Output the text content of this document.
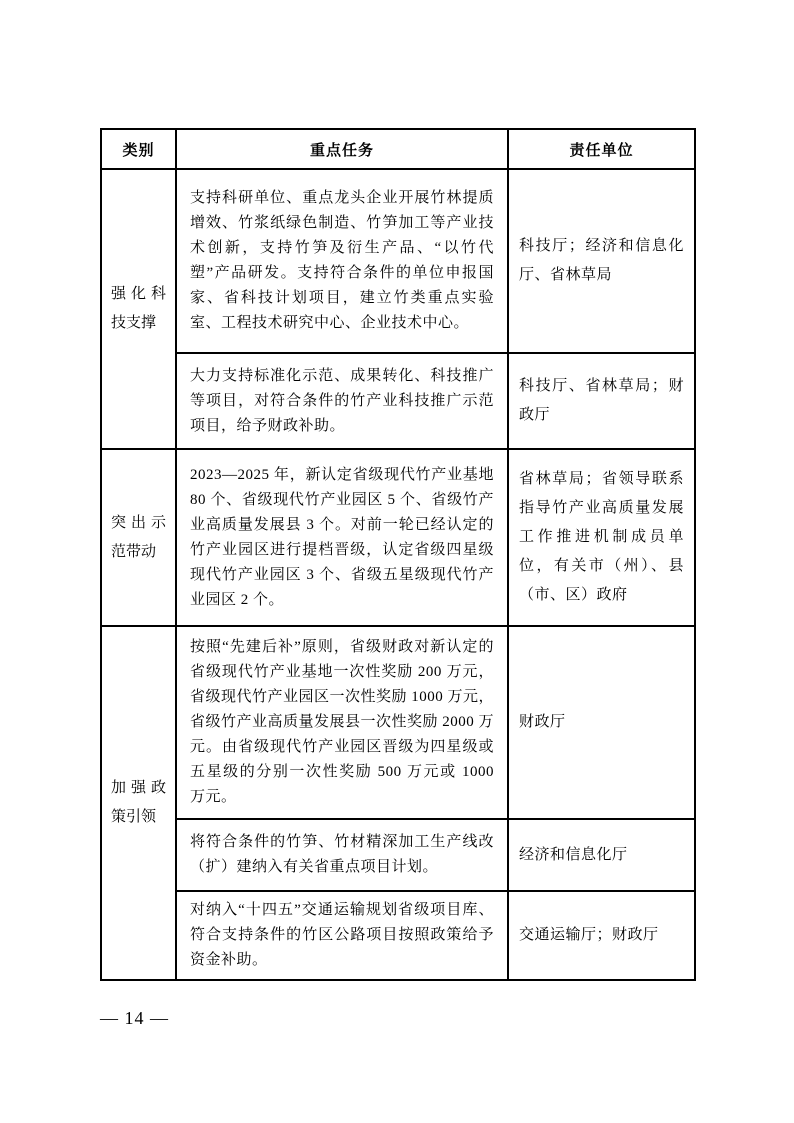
类别	重点任务	责任单位
强化科技支撑	支持科研单位、重点龙头企业开展竹林提质增效、竹浆纸绿色制造、竹笋加工等产业技术创新，支持竹笋及衍生产品、“以竹代塑”产品研发。支持符合条件的单位申报国家、省科技计划项目，建立竹类重点实验室、工程技术研究中心、企业技术中心。	科技厅；经济和信息化厅、省林草局
	大力支持标准化示范、成果转化、科技推广等项目，对符合条件的竹产业科技推广示范项目，给予财政补助。	科技厅、省林草局；财政厅
突出示范带动	2023—2025 年，新认定省级现代竹产业基地 80 个、省级现代竹产业园区 5 个、省级竹产业高质量发展县 3 个。对前一轮已经认定的竹产业园区进行提档晋级，认定省级四星级现代竹产业园区 3 个、省级五星级现代竹产业园区 2 个。	省林草局；省领导联系指导竹产业高质量发展工作推进机制成员单位，有关市（州）、县（市、区）政府
加强政策引领	按照“先建后补”原则，省级财政对新认定的省级现代竹产业基地一次性奖励 200 万元，省级现代竹产业园区一次性奖励 1000 万元，省级竹产业高质量发展县一次性奖励 2000 万元。由省级现代竹产业园区晋级为四星级或五星级的分别一次性奖励 500 万元或 1000 万元。	财政厅
	将符合条件的竹笋、竹材精深加工生产线改（扩）建纳入有关省重点项目计划。	经济和信息化厅
	对纳入“十四五”交通运输规划省级项目库、符合支持条件的竹区公路项目按照政策给予资金补助。	交通运输厅；财政厅
— 14 —
